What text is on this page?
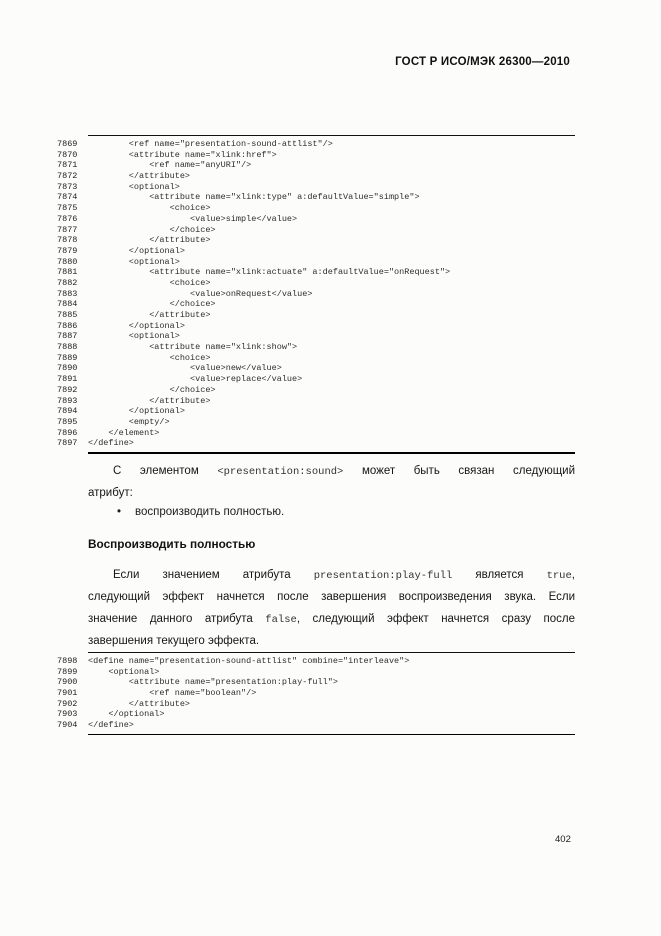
ГОСТ Р ИСО/МЭК 26300—2010
7869	<ref name="presentation-sound-attlist"/>
7870	<attribute name="xlink:href">
7871	<ref name="anyURI"/>
7872	</attribute>
7873	<optional>
7874	<attribute name="xlink:type" a:defaultValue="simple">
7875	<choice>
7876	<value>simple</value>
7877	</choice>
7878	</attribute>
7879	</optional>
7880	<optional>
7881	<attribute name="xlink:actuate" a:defaultValue="onRequest">
7882	<choice>
7883	<value>onRequest</value>
7884	</choice>
7885	</attribute>
7886	</optional>
7887	<optional>
7888	<attribute name="xlink:show">
7889	<choice>
7890	<value>new</value>
7891	<value>replace</value>
7892	</choice>
7893	</attribute>
7894	</optional>
7895	<empty/>
7896	</element>
7897	</define>
С элементом <presentation:sound> может быть связан следующий
атрибут:
•	воспроизводить полностью.
Воспроизводить полностью
Если значением атрибута presentation:play-full является true,
следующий эффект начнется после завершения воспроизведения звука. Если
значение данного атрибута false, следующий эффект начнется сразу после
завершения текущего эффекта.
7898	<define name="presentation-sound-attlist" combine="interleave">
7899	<optional>
7900	<attribute name="presentation:play-full">
7901	<ref name="boolean"/>
7902	</attribute>
7903	</optional>
7904	</define>
402
